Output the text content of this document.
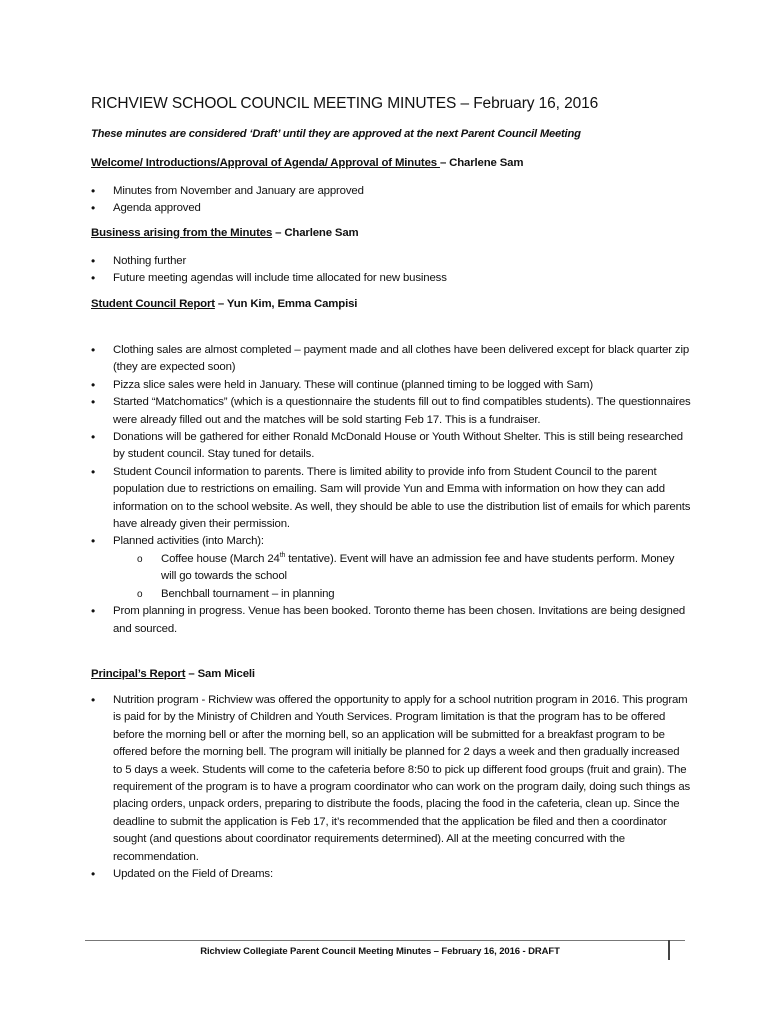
RICHVIEW SCHOOL COUNCIL MEETING MINUTES – February 16, 2016
These minutes are considered ‘Draft’ until they are approved at the next Parent Council Meeting
Welcome/ Introductions/Approval of Agenda/ Approval of Minutes – Charlene Sam
• Minutes from November and January are approved
• Agenda approved
Business arising from the Minutes – Charlene Sam
• Nothing further
• Future meeting agendas will include time allocated for new business
Student Council Report – Yun Kim, Emma Campisi
• Clothing sales are almost completed – payment made and all clothes have been delivered except for black quarter zip (they are expected soon)
• Pizza slice sales were held in January. These will continue (planned timing to be logged with Sam)
• Started “Matchomatics” (which is a questionnaire the students fill out to find compatibles students). The questionnaires were already filled out and the matches will be sold starting Feb 17. This is a fundraiser.
• Donations will be gathered for either Ronald McDonald House or Youth Without Shelter. This is still being researched by student council. Stay tuned for details.
• Student Council information to parents. There is limited ability to provide info from Student Council to the parent population due to restrictions on emailing. Sam will provide Yun and Emma with information on how they can add information on to the school website. As well, they should be able to use the distribution list of emails for which parents have already given their permission.
• Planned activities (into March):
o Coffee house (March 24th tentative). Event will have an admission fee and have students perform. Money will go towards the school
o Benchball tournament – in planning
• Prom planning in progress. Venue has been booked. Toronto theme has been chosen. Invitations are being designed and sourced.
Principal’s Report – Sam Miceli
• Nutrition program - Richview was offered the opportunity to apply for a school nutrition program in 2016. This program is paid for by the Ministry of Children and Youth Services. Program limitation is that the program has to be offered before the morning bell or after the morning bell, so an application will be submitted for a breakfast program to be offered before the morning bell. The program will initially be planned for 2 days a week and then gradually increased to 5 days a week. Students will come to the cafeteria before 8:50 to pick up different food groups (fruit and grain). The requirement of the program is to have a program coordinator who can work on the program daily, doing such things as placing orders, unpack orders, preparing to distribute the foods, placing the food in the cafeteria, clean up. Since the deadline to submit the application is Feb 17, it’s recommended that the application be filed and then a coordinator sought (and questions about coordinator requirements determined). All at the meeting concurred with the recommendation.
• Updated on the Field of Dreams:
Richview Collegiate Parent Council Meeting Minutes – February 16, 2016 - DRAFT
